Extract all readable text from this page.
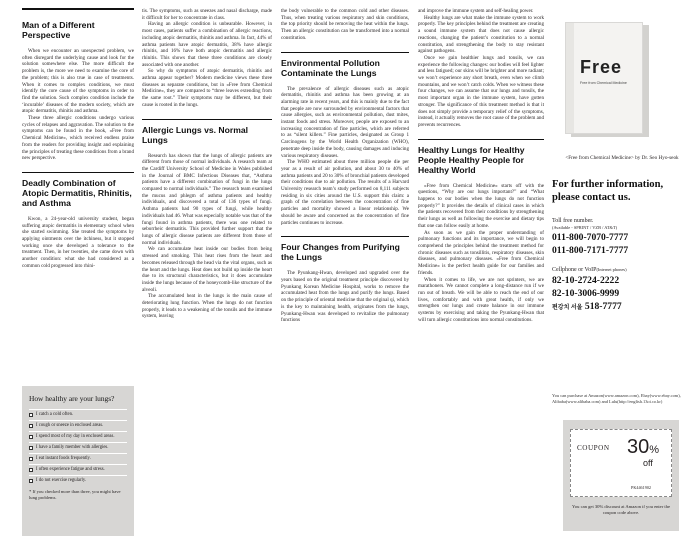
Man of a Different Perspective

When we encounter an unexpected problem, we often disregard the underlying cause and look for the solution somewhere else. The more difficult the problem is, the more we need to examine the core of the problem; this is also true in case of treatments. When it comes to complex conditions, we must identify the core cause of the symptoms in order to find the solution. Such complex condition include the ‘incurable’ diseases of the modern society, which are atopic dermatitis, rhinitis and asthma.

These three allergic conditions undergo various cycles of relapses and aggravation. The solution to the symptoms can be found in the book, «Free from Chemical Medicine», which received endless praise from the readers for providing insight and explaining the principles of treating these conditions from a brand new perspective.

Deadly Combination of Atopic Dermatitis, Rhinitis, and Asthma

Kwon, a 24-year-old university student, began suffering atopic dermatitis in elementary school when she started swimming. She treated the symptoms by applying ointments over the itchiness, but it stopped working once she developed a tolerance to the treatment. Then, in her twenties, she came down with another condition: what she had considered as a common cold progressed into rhini-

How healthy are your lungs?
I catch a cold often.
I cough or sneeze in enclosed areas.
I spend most of my day in enclosed areas.
I have a family member with allergies.
I eat instant foods frequently.
I often experience fatigue and stress.
I do not exercise regularly.
* If you checked more than three, you might have lung problems.

tis. The symptoms, such as sneezes and nasal discharge, made it difficult for her to concentrate in class.

Having an allergic condition is unbearable. However, in most cases, patients suffer a combination of allergic reactions, including atopic dermatitis, rhinitis and asthma. In fact, 44% of asthma patients have atopic dermatitis, 38% have allergic rhinitis, and 16% have both atopic dermatitis and allergic rhinitis. This shows that these three conditions are closely associated with one another.

So why do symptoms of atopic dermatitis, rhinitis and asthma appear together? Modern medicine views these three diseases as separate conditions, but in «Free from Chemical Medicine», they are compared to “three leaves extending from the same root.” Their symptoms may be different, but their cause is rooted in the lungs.

Allergic Lungs vs. Normal Lungs

Research has shown that the lungs of allergic patients are different from those of normal individuals. A research team at the Cardiff University School of Medicine in Wales published in the Journal of BMC Infectious Diseases that, “Asthma patients have a different combination of fungi in the lungs compared to normal individuals.” The research team examined the mucus and phlegm of asthma patients and healthy individuals, and discovered a total of 136 types of fungi. Asthma patients had 90 types of fungi, while healthy individuals had 46. What was especially notable was that of the fungi found in asthma patients, there was one related to seborrheic dermatitis. This provided further support that the lungs of allergic disease patients are different from those of normal individuals.

We can accumulate heat inside our bodies from being stressed and smoking. This heat rises from the heart and becomes released through the head via the vital organs, such as the heart and the lungs. Heat does not build up inside the heart due to its structural characteristics, but it does accumulate inside the lungs because of the honeycomb-like structure of the alveoli.

The accumulated heat in the lungs is the main cause of deteriorating lung function. When the lungs do not function properly, it leads to a weakening of the tonsils and the immune system, leaving

the body vulnerable to the common cold and other diseases. Thus, when treating various respiratory and skin conditions, the top priority should be removing the heat within the lungs. Then an allergic constitution can be transformed into a normal constitution.

Environmental Pollution Contaminate the Lungs

The prevalence of allergic diseases such as atopic dermatitis, rhinitis and asthma has been growing at an alarming rate in recent years, and this is mainly due to the fact that people are now surrounded by environmental factors that cause allergies, such as environmental pollution, dust mites, instant foods and stress. Moreover, people are exposed to an increasing concentration of fine particles, which are referred to as “silent killers.” Fine particles, designated as Group 1 Carcinogens by the World Health Organization (WHO), penetrate deep inside the body, causing damages and inducing various respiratory diseases.

The WHO estimated about three million people die per year as a result of air pollution, and about 30 to 40% of asthma patients and 20 to 30% of bronchial patients developed their conditions due to air pollution. The results of a Harvard University research team’s study performed on 8,111 subjects residing in six cities around the U.S. support this claim: a graph of the correlation between the concentration of fine particles and mortality showed a linear relationship. We should be aware and concerned as the concentration of fine particles continues to increase.

Four Changes from Purifying the Lungs

The Pyunkang-Hwan, developed and upgraded over the years based on the original treatment principle discovered by Pyunkang Korean Medicine Hospital, works to remove the accumulated heat from the lungs and purify the lungs. Based on the principle of oriental medicine that the original qi, which is the key to maintaining health, originates from the lungs, Pyunkang-Hwan was developed to revitalize the pulmonary functions

and improve the immune system and self-healing power.

Healthy lungs are what make the immune system to work properly. The key principles behind the treatment are creating a sound immune system that does not cause allergic reactions, changing the patient’s constitution to a normal constitution, and strengthening the body to stay resistant against pathogens.

Once we gain healthier lungs and tonsils, we can experience the following changes: our bodies will feel lighter and less fatigued; our skins will be brighter and more radiant; we won’t experience any short breath, even when we climb mountains, and we won’t catch colds. When we witness these four changes, we can assume that our lungs and tonsils, the most important organ in the immune system, have gotten stronger. The significance of this treatment method is that it does not simply provide a temporary relief of the symptoms, instead, it actually removes the root cause of the problem and prevents recurrences.

Healthy Lungs for Healthy People Healthy People for Healthy World

«Free from Chemical Medicine» starts off with the questions, “Why are our lungs important?” and “What happens to our bodies when the lungs do not function properly?” It provides the details of clinical cases in which the patients recovered from their conditions by strengthening their lungs as well as following the exercise and dietary tips that one can follow easily at home.

As soon as we gain the proper understanding of pulmonary functions and its importance, we will begin to comprehend the principles behind the treatment method for chronic diseases such as tonsillitis, respiratory diseases, skin diseases, and pulmonary diseases. «Free from Chemical Medicine» is the perfect health guide for our families and friends.

When it comes to life, we are not sprinters, we are marathoners. We cannot complete a long-distance run if we run out of breath. We will be able to reach the end of our lives, comfortably and with great health, if only we strengthen our lungs and create balance in our immune systems by exercising and taking the Pyunkang-Hwan that will turn allergic constitutions into normal constitutions.

Free
Free from Chemical Medicine
<Free from Chemical Medicine> by Dr. Seo Hyo-seok
For further information, please contact us.
Toll free number.
(Available - SPRINT / VZB / AT&T)
011-800-7070-7777
011-800-7171-7777
Cellphone or VoIP(Internet phones)
82-10-2724-2222
82-10-3006-9999
편강치 서울 518-7777
You can purchase at Amazon(www.amazon.com), Ebay(www.ebay.com), Alibaba(www.alibaba.com) and Lulu(http://english.13oi.co.kr)
COUPON 30%
off
PK4461902
You can get 30% discount at Amazon if you enter the coupon code above.
